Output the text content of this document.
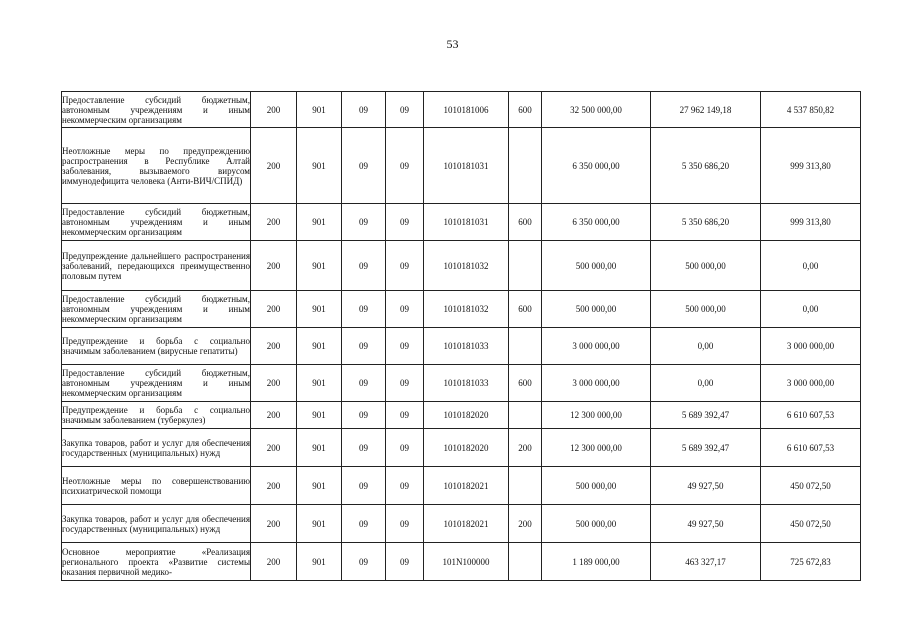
53
Предоставление субсидий бюджетным, автономным учреждениям и иным некоммерческим организациям	200	901	09	09	1010181006	600	32 500 000,00	27 962 149,18	4 537 850,82
Неотложные меры по предупреждению распространения в Республике Алтай заболевания, вызываемого вирусом иммунодефицита человека (Анти-ВИЧ/СПИД)	200	901	09	09	1010181031		6 350 000,00	5 350 686,20	999 313,80
Предоставление субсидий бюджетным, автономным учреждениям и иным некоммерческим организациям	200	901	09	09	1010181031	600	6 350 000,00	5 350 686,20	999 313,80
Предупреждение дальнейшего распространения заболеваний, передающихся преимущественно половым путем	200	901	09	09	1010181032		500 000,00	500 000,00	0,00
Предоставление субсидий бюджетным, автономным учреждениям и иным некоммерческим организациям	200	901	09	09	1010181032	600	500 000,00	500 000,00	0,00
Предупреждение и борьба с социально значимым заболеванием (вирусные гепатиты)	200	901	09	09	1010181033		3 000 000,00	0,00	3 000 000,00
Предоставление субсидий бюджетным, автономным учреждениям и иным некоммерческим организациям	200	901	09	09	1010181033	600	3 000 000,00	0,00	3 000 000,00
Предупреждение и борьба с социально значимым заболеванием (туберкулез)	200	901	09	09	1010182020		12 300 000,00	5 689 392,47	6 610 607,53
Закупка товаров, работ и услуг для обеспечения государственных (муниципальных) нужд	200	901	09	09	1010182020	200	12 300 000,00	5 689 392,47	6 610 607,53
Неотложные меры по совершенствованию психиатрической помощи	200	901	09	09	1010182021		500 000,00	49 927,50	450 072,50
Закупка товаров, работ и услуг для обеспечения государственных (муниципальных) нужд	200	901	09	09	1010182021	200	500 000,00	49 927,50	450 072,50
Основное мероприятие «Реализация регионального проекта «Развитие системы оказания первичной медико-	200	901	09	09	101N100000		1 189 000,00	463 327,17	725 672,83
